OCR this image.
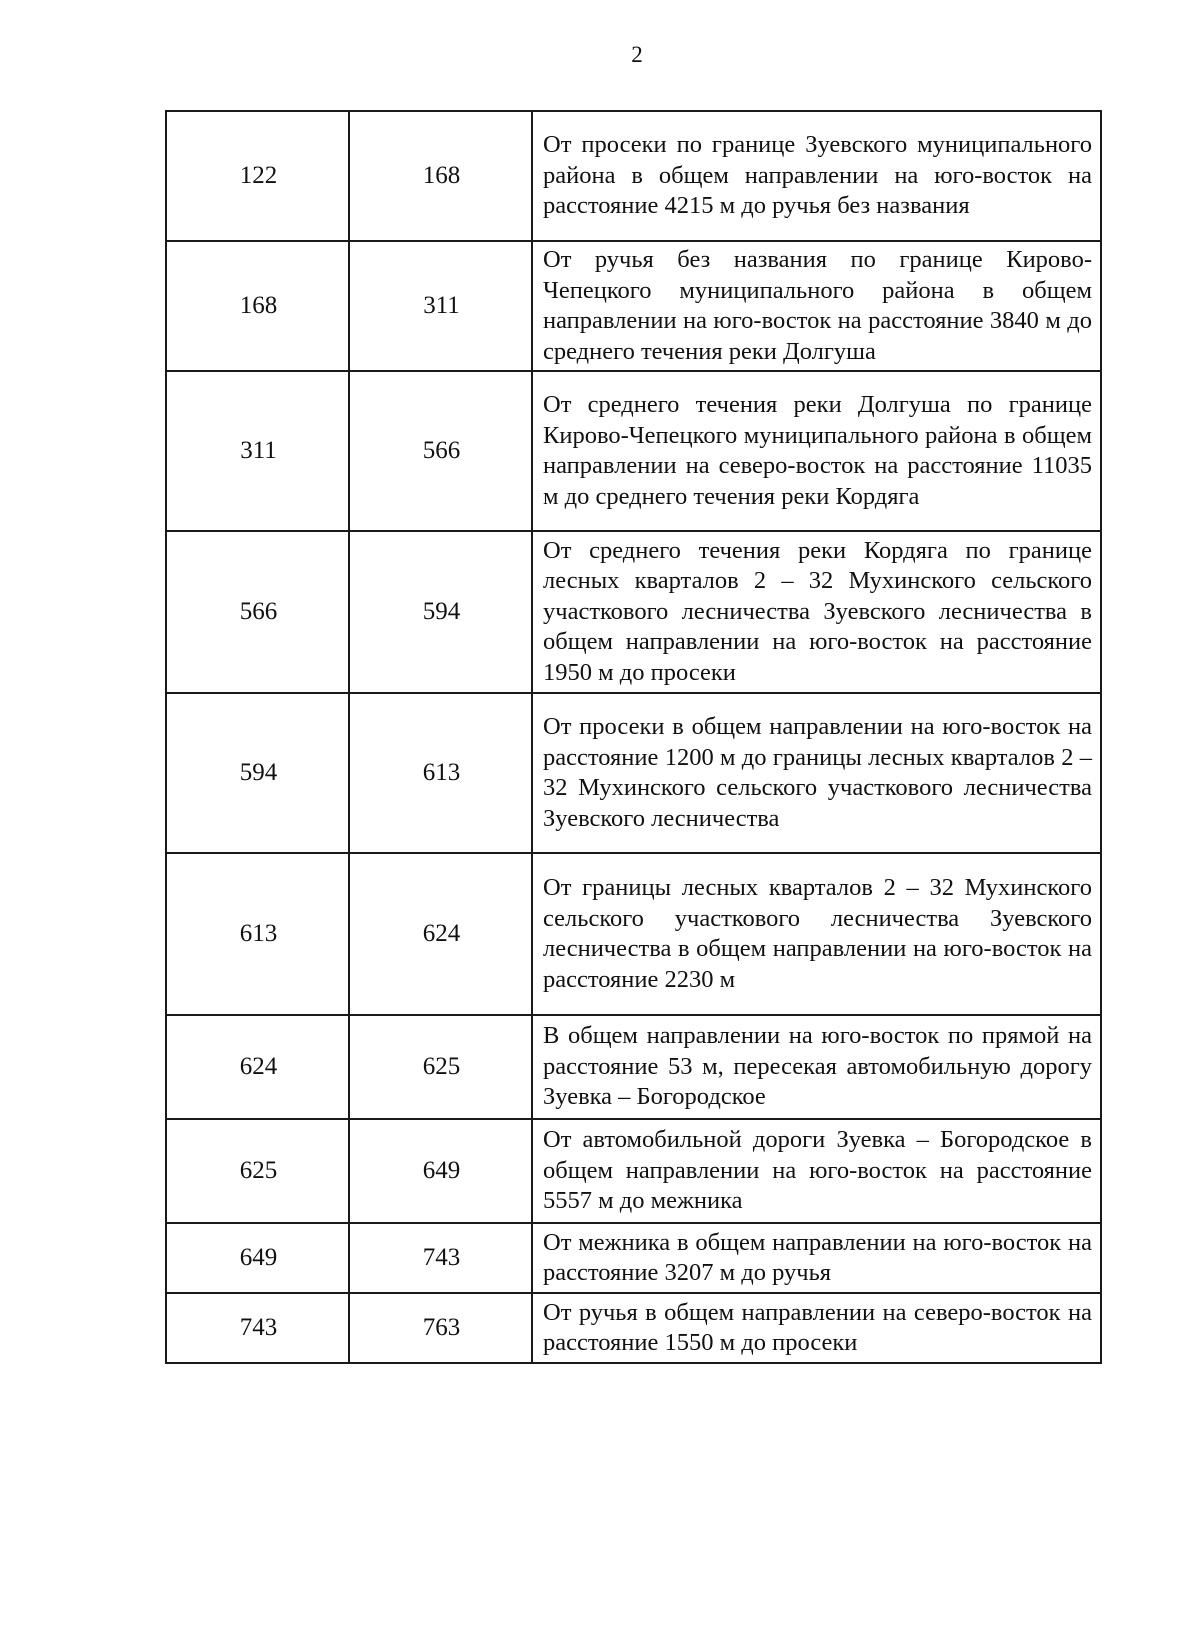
2
122	168	От просеки по границе Зуевского муниципального района в общем направлении на юго-восток на расстояние 4215 м до ручья без названия
168	311	От ручья без названия по границе Кирово-Чепецкого муниципального района в общем направлении на юго-восток на расстояние 3840 м до среднего течения реки Долгуша
311	566	От среднего течения реки Долгуша по границе Кирово-Чепецкого муниципального района в общем направлении на северо-восток на расстояние 11035 м до среднего течения реки Кордяга
566	594	От среднего течения реки Кордяга по границе лесных кварталов 2 – 32 Мухинского сельского участкового лесничества Зуевского лесничества в общем направлении на юго-восток на расстояние 1950 м до просеки
594	613	От просеки в общем направлении на юго-восток на расстояние 1200 м до границы лесных кварталов 2 – 32 Мухинского сельского участкового лесничества Зуевского лесничества
613	624	От границы лесных кварталов 2 – 32 Мухинского сельского участкового лесничества Зуевского лесничества в общем направлении на юго-восток на расстояние 2230 м
624	625	В общем направлении на юго-восток по прямой на расстояние 53 м, пересекая автомобильную дорогу Зуевка – Богородское
625	649	От автомобильной дороги Зуевка – Богородское в общем направлении на юго-восток на расстояние 5557 м до межника
649	743	От межника в общем направлении на юго-восток на расстояние 3207 м до ручья
743	763	От ручья в общем направлении на северо-восток на расстояние 1550 м до просеки
